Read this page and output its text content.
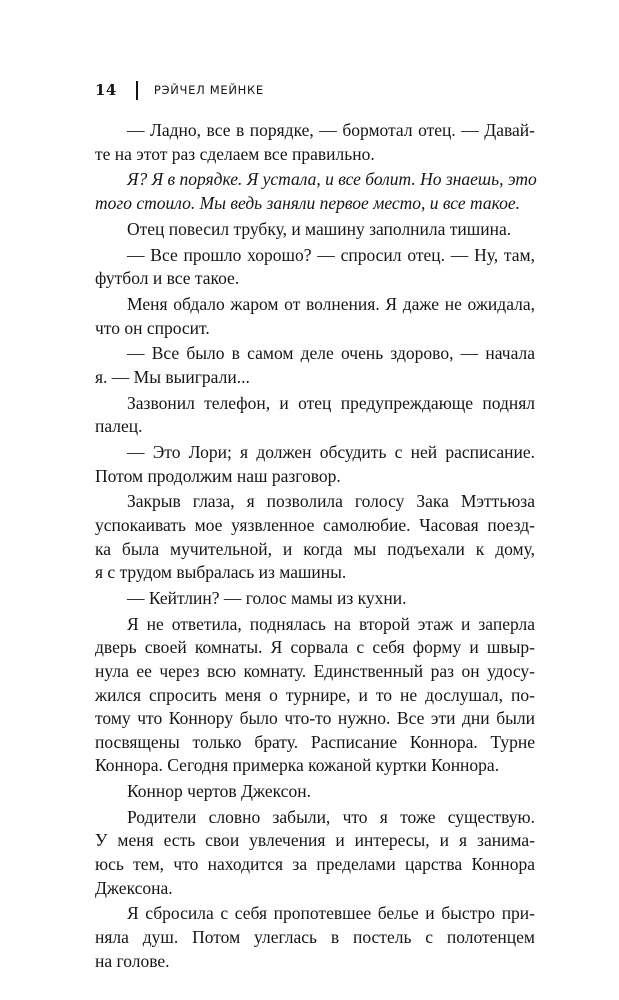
14	РЭЙЧЕЛ МЕЙНКЕ
— Ладно, все в порядке, — бормотал отец. — Давай-
те на этот раз сделаем все правильно.
Я? Я в порядке. Я устала, и все болит. Но знаешь, это
того стоило. Мы ведь заняли первое место, и все такое.
Отец повесил трубку, и машину заполнила тишина.
— Все прошло хорошо? — спросил отец. — Ну, там,
футбол и все такое.
Меня обдало жаром от волнения. Я даже не ожидала,
что он спросит.
— Все было в самом деле очень здорово, — начала
я. — Мы выиграли...
Зазвонил телефон, и отец предупреждающе поднял
палец.
— Это Лори; я должен обсудить с ней расписание.
Потом продолжим наш разговор.
Закрыв глаза, я позволила голосу Зака Мэттьюза
успокаивать мое уязвленное самолюбие. Часовая поезд-
ка была мучительной, и когда мы подъехали к дому,
я с трудом выбралась из машины.
— Кейтлин? — голос мамы из кухни.
Я не ответила, поднялась на второй этаж и заперла
дверь своей комнаты. Я сорвала с себя форму и швыр-
нула ее через всю комнату. Единственный раз он удосу-
жился спросить меня о турнире, и то не дослушал, по-
тому что Коннору было что-то нужно. Все эти дни были
посвящены только брату. Расписание Коннора. Турне
Коннора. Сегодня примерка кожаной куртки Коннора.
Коннор чертов Джексон.
Родители словно забыли, что я тоже существую.
У меня есть свои увлечения и интересы, и я занима-
юсь тем, что находится за пределами царства Коннора
Джексона.
Я сбросила с себя пропотевшее белье и быстро при-
няла душ. Потом улеглась в постель с полотенцем
на голове.
